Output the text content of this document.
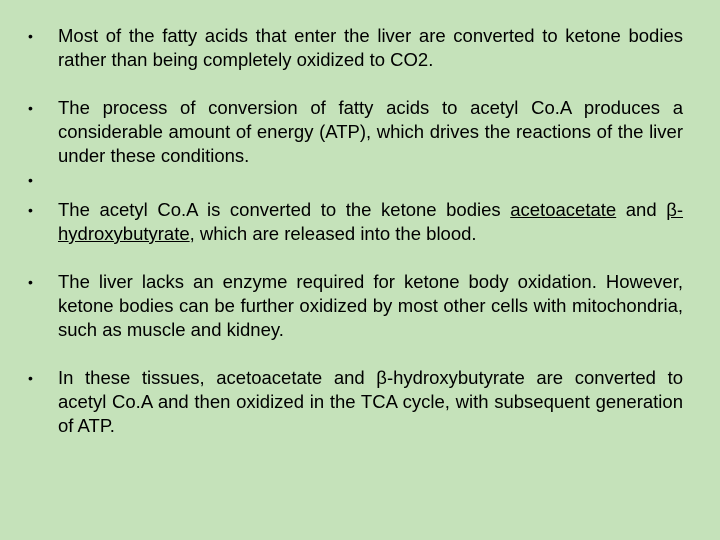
•	Most of the fatty acids that enter the liver are converted to ketone bodies rather than being completely oxidized to CO2.
•	The process of conversion of fatty acids to acetyl Co.A produces a considerable amount of energy (ATP), which drives the reactions of the liver under these conditions.
•
•	The acetyl Co.A is converted to the ketone bodies acetoacetate and β-hydroxybutyrate, which are released into the blood.
•	The liver lacks an enzyme required for ketone body oxidation. However, ketone bodies can be further oxidized by most other cells with mitochondria, such as muscle and kidney.
•	In these tissues, acetoacetate and β-hydroxybutyrate are converted to acetyl Co.A and then oxidized in the TCA cycle, with subsequent generation of ATP.
